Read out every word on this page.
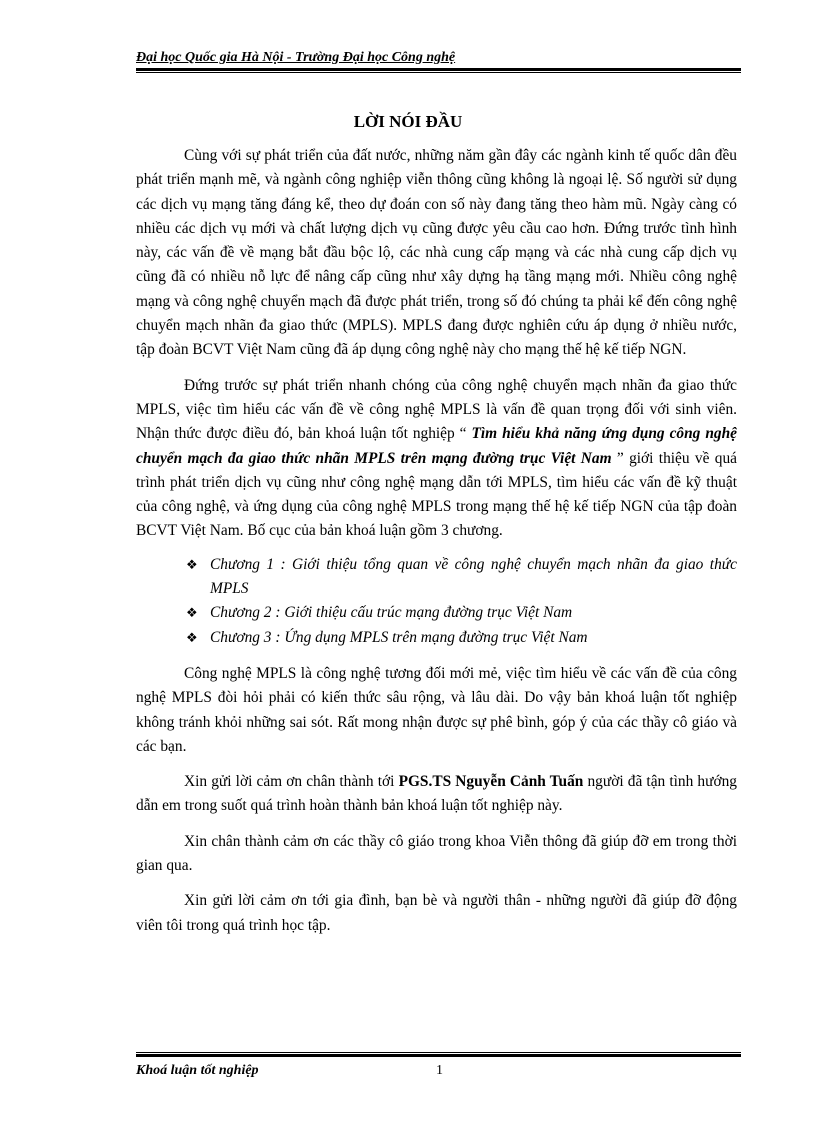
Đại học Quốc gia Hà Nội - Trường Đại học Công nghệ
LỜI NÓI ĐẦU

Cùng với sự phát triển của đất nước, những năm gần đây các ngành kinh tế quốc dân đều phát triển mạnh mẽ, và ngành công nghiệp viễn thông cũng không là ngoại lệ. Số người sử dụng các dịch vụ mạng tăng đáng kể, theo dự đoán con số này đang tăng theo hàm mũ. Ngày càng có nhiều các dịch vụ mới và chất lượng dịch vụ cũng được yêu cầu cao hơn. Đứng trước tình hình này, các vấn đề về mạng bắt đầu bộc lộ, các nhà cung cấp mạng và các nhà cung cấp dịch vụ cũng đã có nhiều nỗ lực để nâng cấp cũng như xây dựng hạ tầng mạng mới. Nhiều công nghệ mạng và công nghệ chuyển mạch đã được phát triển, trong số đó chúng ta phải kể đến công nghệ chuyển mạch nhãn đa giao thức (MPLS). MPLS đang được nghiên cứu áp dụng ở nhiều nước, tập đoàn BCVT Việt Nam cũng đã áp dụng công nghệ này cho mạng thế hệ kế tiếp NGN.

Đứng trước sự phát triển nhanh chóng của công nghệ chuyển mạch nhãn đa giao thức MPLS, việc tìm hiểu các vấn đề về công nghệ MPLS là vấn đề quan trọng đối với sinh viên. Nhận thức được điều đó, bản khoá luận tốt nghiệp “ Tìm hiểu khả năng ứng dụng công nghệ chuyển mạch đa giao thức nhãn MPLS trên mạng đường trục Việt Nam ” giới thiệu về quá trình phát triển dịch vụ cũng như công nghệ mạng dẫn tới MPLS, tìm hiểu các vấn đề kỹ thuật của công nghệ, và ứng dụng của công nghệ MPLS trong mạng thế hệ kế tiếp NGN của tập đoàn BCVT Việt Nam. Bố cục của bản khoá luận gồm 3 chương.

❖ Chương 1 : Giới thiệu tổng quan về công nghệ chuyển mạch nhãn đa giao thức MPLS
❖ Chương 2 : Giới thiệu cấu trúc mạng đường trục Việt Nam
❖ Chương 3 : Ứng dụng MPLS trên mạng đường trục Việt Nam

Công nghệ MPLS là công nghệ tương đối mới mẻ, việc tìm hiểu về các vấn đề của công nghệ MPLS đòi hỏi phải có kiến thức sâu rộng, và lâu dài. Do vậy bản khoá luận tốt nghiệp không tránh khỏi những sai sót. Rất mong nhận được sự phê bình, góp ý của các thầy cô giáo và các bạn.

Xin gửi lời cảm ơn chân thành tới PGS.TS Nguyễn Cảnh Tuấn người đã tận tình hướng dẫn em trong suốt quá trình hoàn thành bản khoá luận tốt nghiệp này.

Xin chân thành cảm ơn các thầy cô giáo trong khoa Viễn thông đã giúp đỡ em trong thời gian qua.

Xin gửi lời cảm ơn tới gia đình, bạn bè và người thân - những người đã giúp đỡ động viên tôi trong quá trình học tập.

Khoá luận tốt nghiệp	1
